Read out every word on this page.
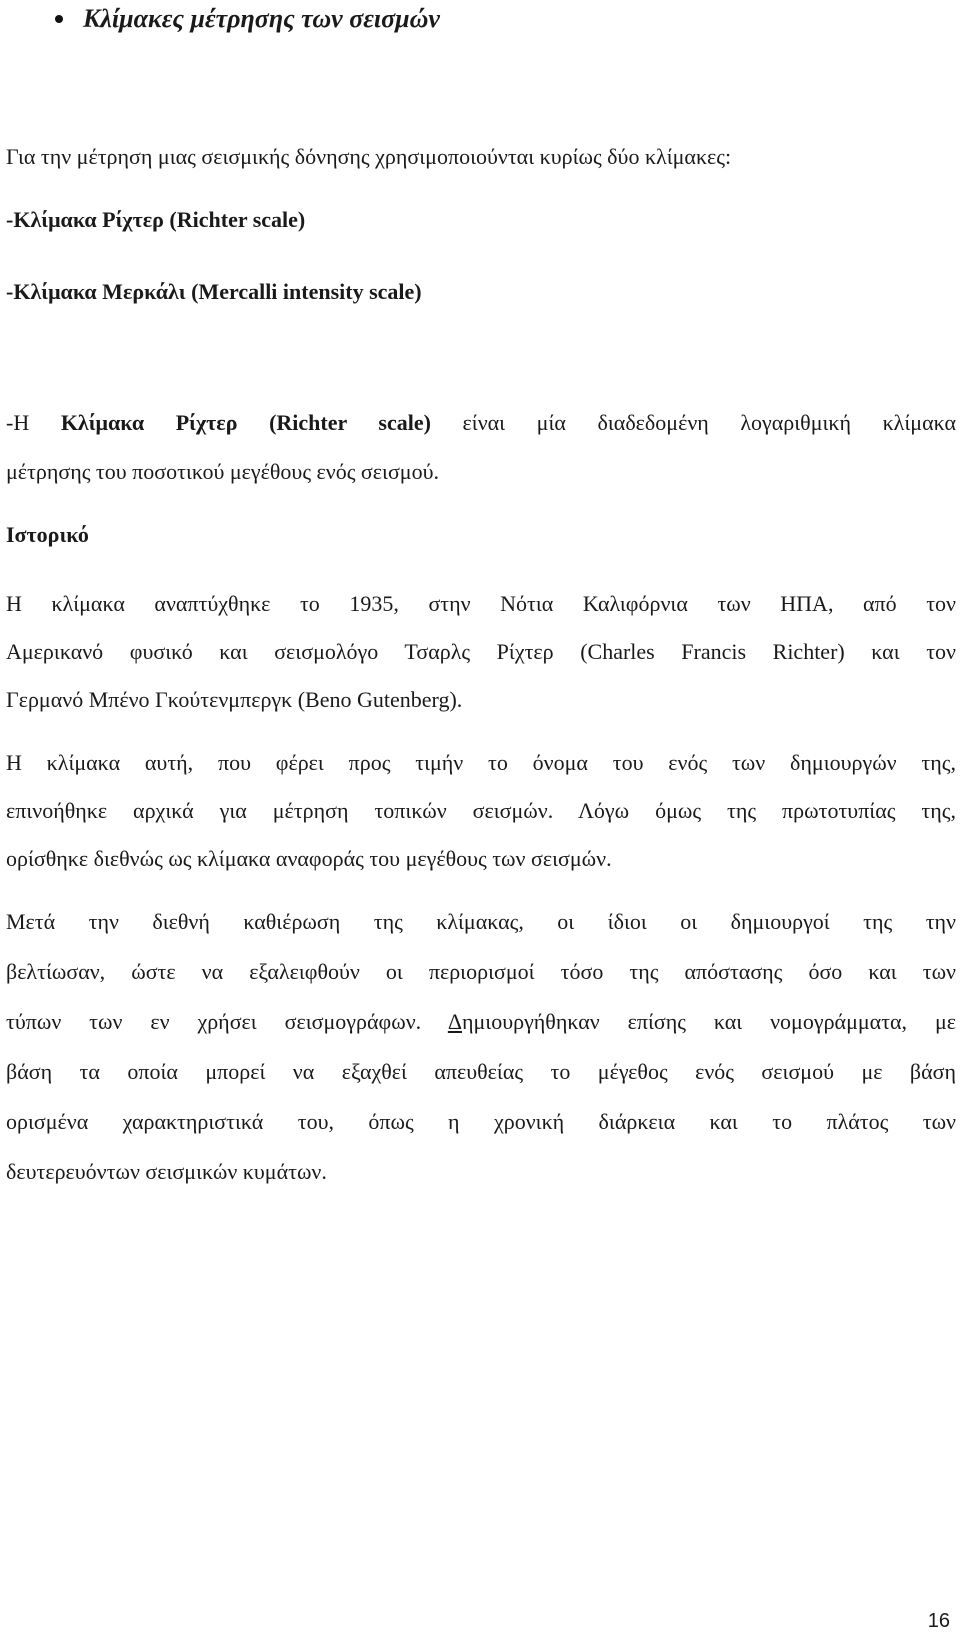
Κλίμακες μέτρησης των σεισμών
Για την μέτρηση μιας σεισμικής δόνησης χρησιμοποιούνται κυρίως δύο κλίμακες:
-Κλίμακα Ρίχτερ (Richter scale)
-Κλίμακα Μερκάλι (Mercalli intensity scale)
-Η Κλίμακα Ρίχτερ (Richter scale) είναι μία διαδεδομένη λογαριθμική κλίμακα
μέτρησης του ποσοτικού μεγέθους ενός σεισμού.
Ιστορικό
Η κλίμακα αναπτύχθηκε το 1935, στην Νότια Καλιφόρνια των ΗΠΑ, από τον
Αμερικανό φυσικό και σεισμολόγο Τσαρλς Ρίχτερ (Charles Francis Richter) και τον
Γερμανό Μπένο Γκούτενμπεργκ (Beno Gutenberg).
Η κλίμακα αυτή, που φέρει προς τιμήν το όνομα του ενός των δημιουργών της,
επινοήθηκε αρχικά για μέτρηση τοπικών σεισμών. Λόγω όμως της πρωτοτυπίας της,
ορίσθηκε διεθνώς ως κλίμακα αναφοράς του μεγέθους των σεισμών.
Μετά την διεθνή καθιέρωση της κλίμακας, οι ίδιοι οι δημιουργοί της την
βελτίωσαν, ώστε να εξαλειφθούν οι περιορισμοί τόσο της απόστασης όσο και των
τύπων των εν χρήσει σεισμογράφων. Δημιουργήθηκαν επίσης και νομογράμματα, με
βάση τα οποία μπορεί να εξαχθεί απευθείας το μέγεθος ενός σεισμού με βάση
ορισμένα χαρακτηριστικά του, όπως η χρονική διάρκεια και το πλάτος των
δευτερευόντων σεισμικών κυμάτων.
16
